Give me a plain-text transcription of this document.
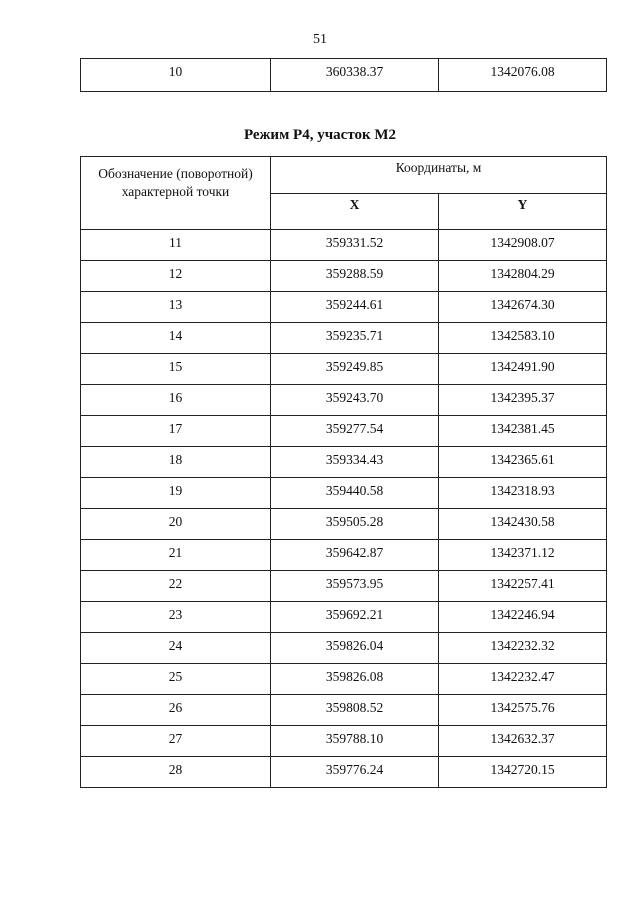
51
10	360338.37	1342076.08
Режим Р4, участок М2
Обозначение (поворотной) характерной точки	Координаты, м	
	X	Y
11	359331.52	1342908.07
12	359288.59	1342804.29
13	359244.61	1342674.30
14	359235.71	1342583.10
15	359249.85	1342491.90
16	359243.70	1342395.37
17	359277.54	1342381.45
18	359334.43	1342365.61
19	359440.58	1342318.93
20	359505.28	1342430.58
21	359642.87	1342371.12
22	359573.95	1342257.41
23	359692.21	1342246.94
24	359826.04	1342232.32
25	359826.08	1342232.47
26	359808.52	1342575.76
27	359788.10	1342632.37
28	359776.24	1342720.15
